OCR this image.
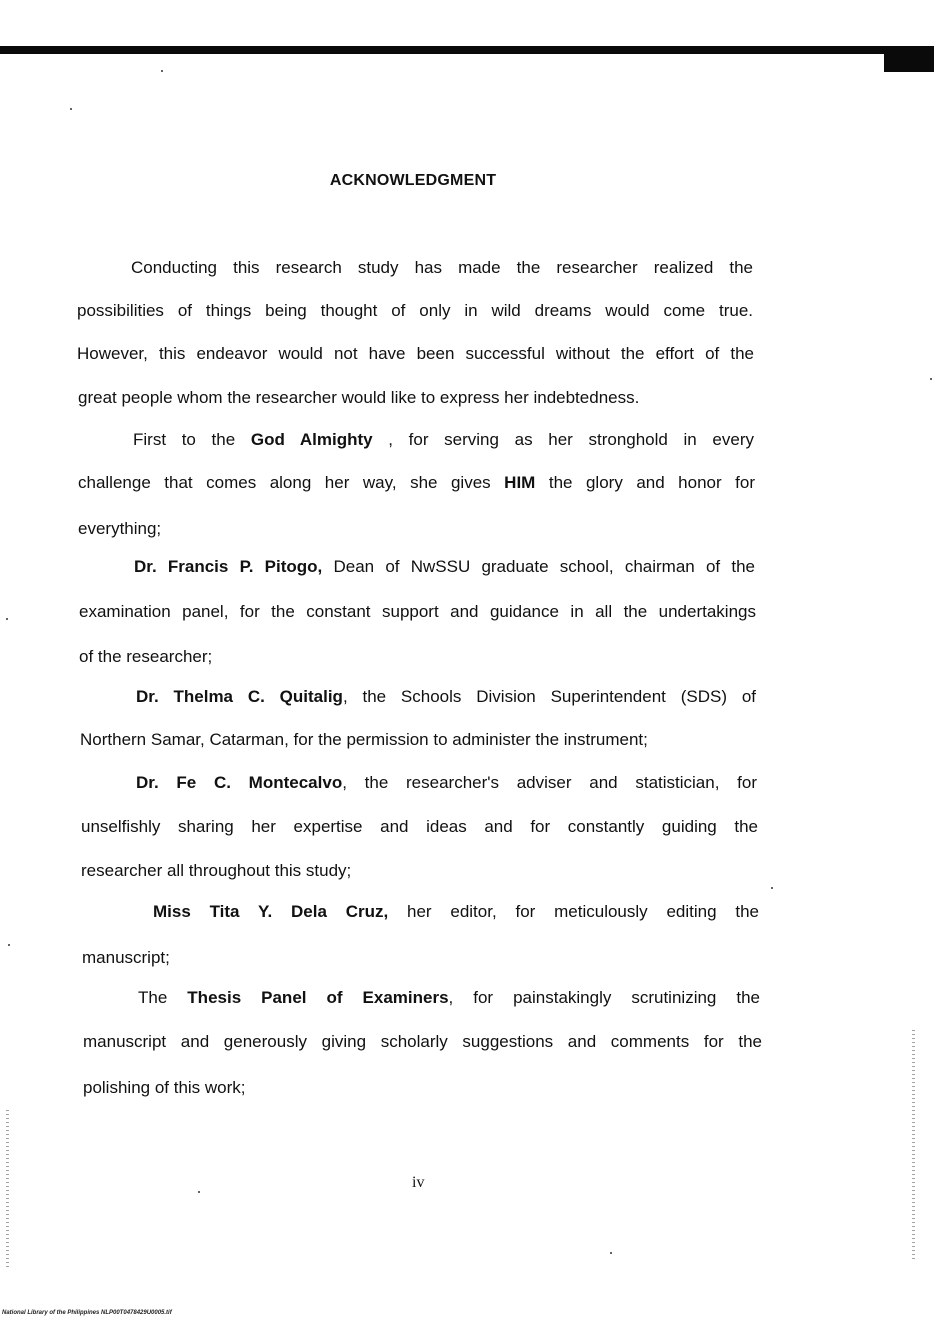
ACKNOWLEDGMENT
Conducting this research study has made the researcher realized the
possibilities of things being thought of only in wild dreams would come true.
However, this endeavor would not have been successful without the effort of the
great people whom the researcher would like to express her indebtedness.
First to the God Almighty , for serving as her stronghold in every
challenge that comes along her way, she gives HIM the glory and honor for
everything;
Dr. Francis P. Pitogo, Dean of NwSSU graduate school, chairman of the
examination panel, for the constant support and guidance in all the undertakings
of the researcher;
Dr. Thelma C. Quitalig, the Schools Division Superintendent (SDS) of
Northern Samar, Catarman, for the permission to administer the instrument;
Dr. Fe C. Montecalvo, the researcher's adviser and statistician, for
unselfishly sharing her expertise and ideas and for constantly guiding the
researcher all throughout this study;
Miss Tita Y. Dela Cruz, her editor, for meticulously editing the
manuscript;
The Thesis Panel of Examiners, for painstakingly scrutinizing the
manuscript and generously giving scholarly suggestions and comments for the
polishing of this work;
iv
National Library of the Philippines NLP00T0478429U0005.tif
